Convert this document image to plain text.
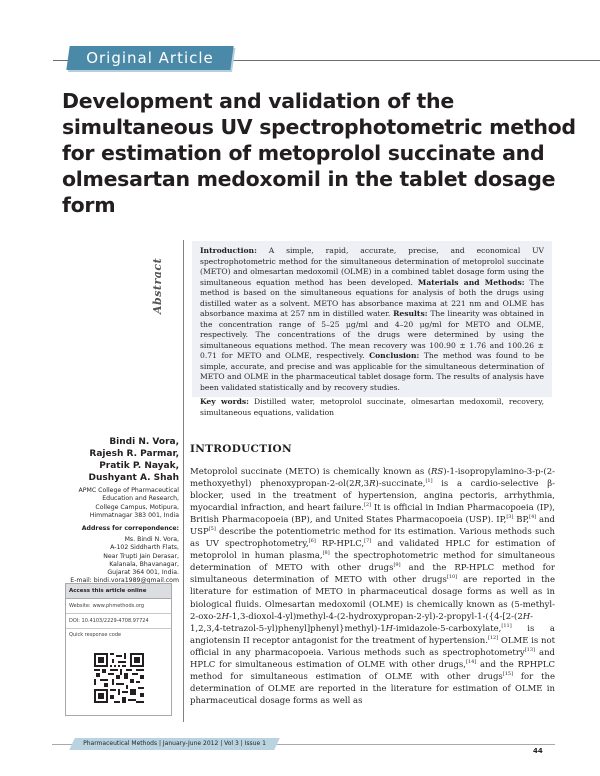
Original Article
Development and validation of the simultaneous UV spectrophotometric method for estimation of metoprolol succinate and olmesartan medoxomil in the tablet dosage form
Abstract

Introduction: A simple, rapid, accurate, precise, and economical UV spectrophotometric method for the simultaneous determination of metoprolol succinate (METO) and olmesartan medoxomil (OLME) in a combined tablet dosage form using the simultaneous equation method has been developed. Materials and Methods: The method is based on the simultaneous equations for analysis of both the drugs using distilled water as a solvent. METO has absorbance maxima at 221 nm and OLME has absorbance maxima at 257 nm in distilled water. Results: The linearity was obtained in the concentration range of 5–25 μg/ml and 4–20 μg/ml for METO and OLME, respectively. The concentrations of the drugs were determined by using the simultaneous equations method. The mean recovery was 100.90 ± 1.76 and 100.26 ± 0.71 for METO and OLME, respectively. Conclusion: The method was found to be simple, accurate, and precise and was applicable for the simultaneous determination of METO and OLME in the pharmaceutical tablet dosage form. The results of analysis have been validated statistically and by recovery studies.

Key words: Distilled water, metoprolol succinate, olmesartan medoxomil, recovery, simultaneous equations, validation

Bindi N. Vora,
Rajesh R. Parmar,
Pratik P. Nayak,
Dushyant A. Shah
APMC College of Pharmaceutical
Education and Research,
College Campus, Motipura,
Himmatnagar 383 001, India
Address for correpondence:
Ms. Bindi N. Vora,
A-102 Siddharth Flats,
Near Trupti Jain Derasar,
Kalanala, Bhavanagar,
Gujarat 364 001, India.
E-mail: bindi.vora1989@gmail.com
Access this article online
Website: www.phmethods.org
DOI: 10.4103/2229-4708.97724
Quick response code
INTRODUCTION

Metoprolol succinate (METO) is chemically known as (RS)-1-isopropylamino-3-p-(2-methoxyethyl) phenoxypropan-2-ol(2R,3R)-succinate,[1] is a cardio-selective β-blocker, used in the treatment of hypertension, angina pectoris, arrhythmia, myocardial infraction, and heart failure.[2] It is official in Indian Pharmacopoeia (IP), British Pharmacopoeia (BP), and United States Pharmacopoeia (USP). IP,[3] BP,[4] and USP[5] describe the potentiometric method for its estimation. Various methods such as UV spectrophotometry,[6] RP-HPLC,[7] and validated HPLC for estimation of metoprolol in human plasma,[8] the spectrophotometric method for simultaneous determination of METO with other drugs[9] and the RP-HPLC method for simultaneous determination of METO with other drugs[10] are reported in the literature for estimation of METO in pharmaceutical dosage forms as well as in biological fluids. Olmesartan medoxomil (OLME) is chemically known as (5-methyl-2-oxo-2H-1,3-dioxol-4-yl)methyl-4-(2-hydroxypropan-2-yl)-2-propyl-1-({4-[2-(2H-1,2,3,4-tetrazol-5-yl)phenyl]phenyl}methyl)-1H-imidazole-5-carboxylate,[11] is a angiotensin II receptor antagonist for the treatment of hypertension.[12] OLME is not official in any pharmacopoeia. Various methods such as spectrophotometry[13] and HPLC for simultaneous estimation of OLME with other drugs,[14] and the RPHPLC method for simultaneous estimation of OLME with other drugs[15] for the determination of OLME are reported in the literature for estimation of OLME in pharmaceutical dosage forms as well as

Pharmaceutical Methods | January-June 2012 | Vol 3 | Issue 1
44
